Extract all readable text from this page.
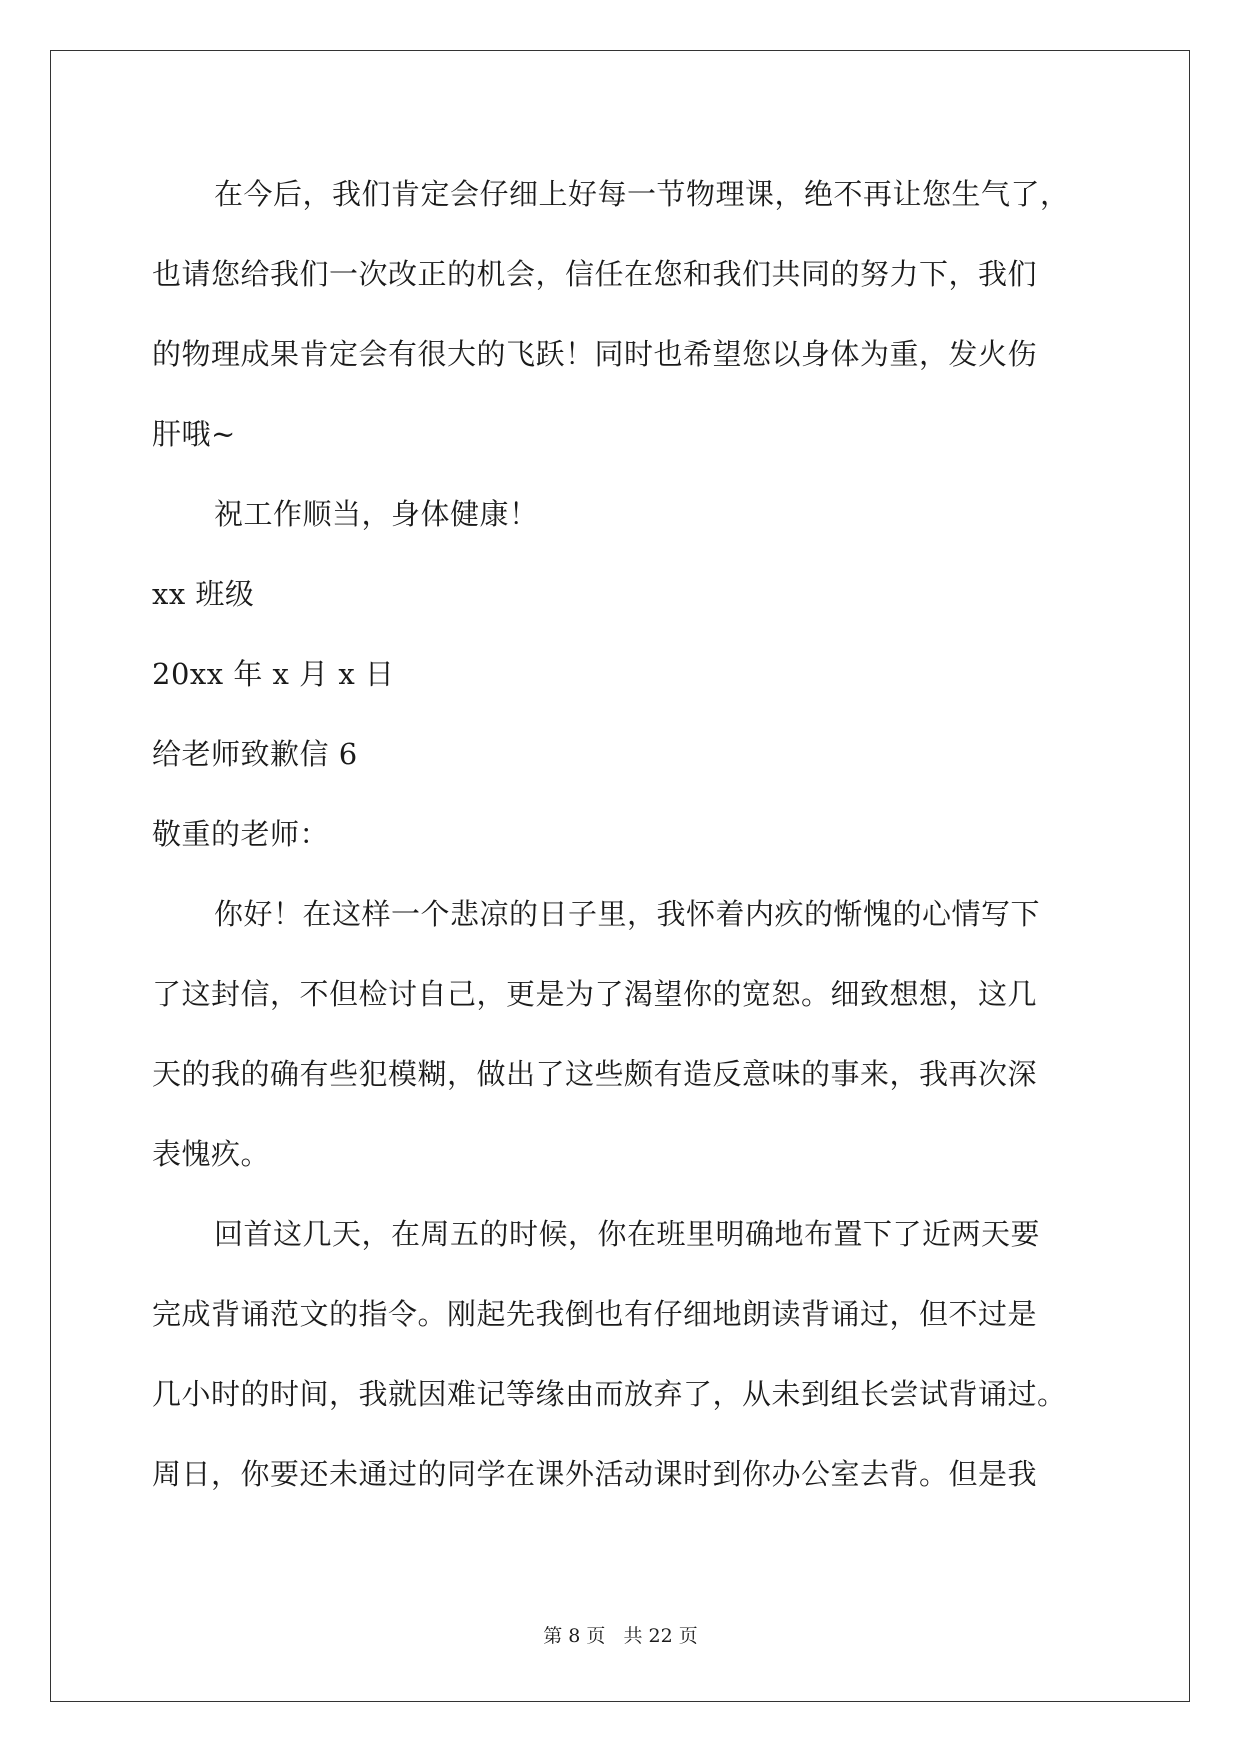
在今后，我们肯定会仔细上好每一节物理课，绝不再让您生气了，
也请您给我们一次改正的机会，信任在您和我们共同的努力下，我们
的物理成果肯定会有很大的飞跃！同时也希望您以身体为重，发火伤
肝哦~
祝工作顺当，身体健康！
xx 班级
20xx 年 x 月 x 日
给老师致歉信 6
敬重的老师：
你好！在这样一个悲凉的日子里，我怀着内疚的惭愧的心情写下
了这封信，不但检讨自己，更是为了渴望你的宽恕。细致想想，这几
天的我的确有些犯模糊，做出了这些颇有造反意味的事来，我再次深
表愧疚。
回首这几天，在周五的时候，你在班里明确地布置下了近两天要
完成背诵范文的指令。刚起先我倒也有仔细地朗读背诵过，但不过是
几小时的时间，我就因难记等缘由而放弃了，从未到组长尝试背诵过。
周日，你要还未通过的同学在课外活动课时到你办公室去背。但是我
第 8 页 共 22 页
